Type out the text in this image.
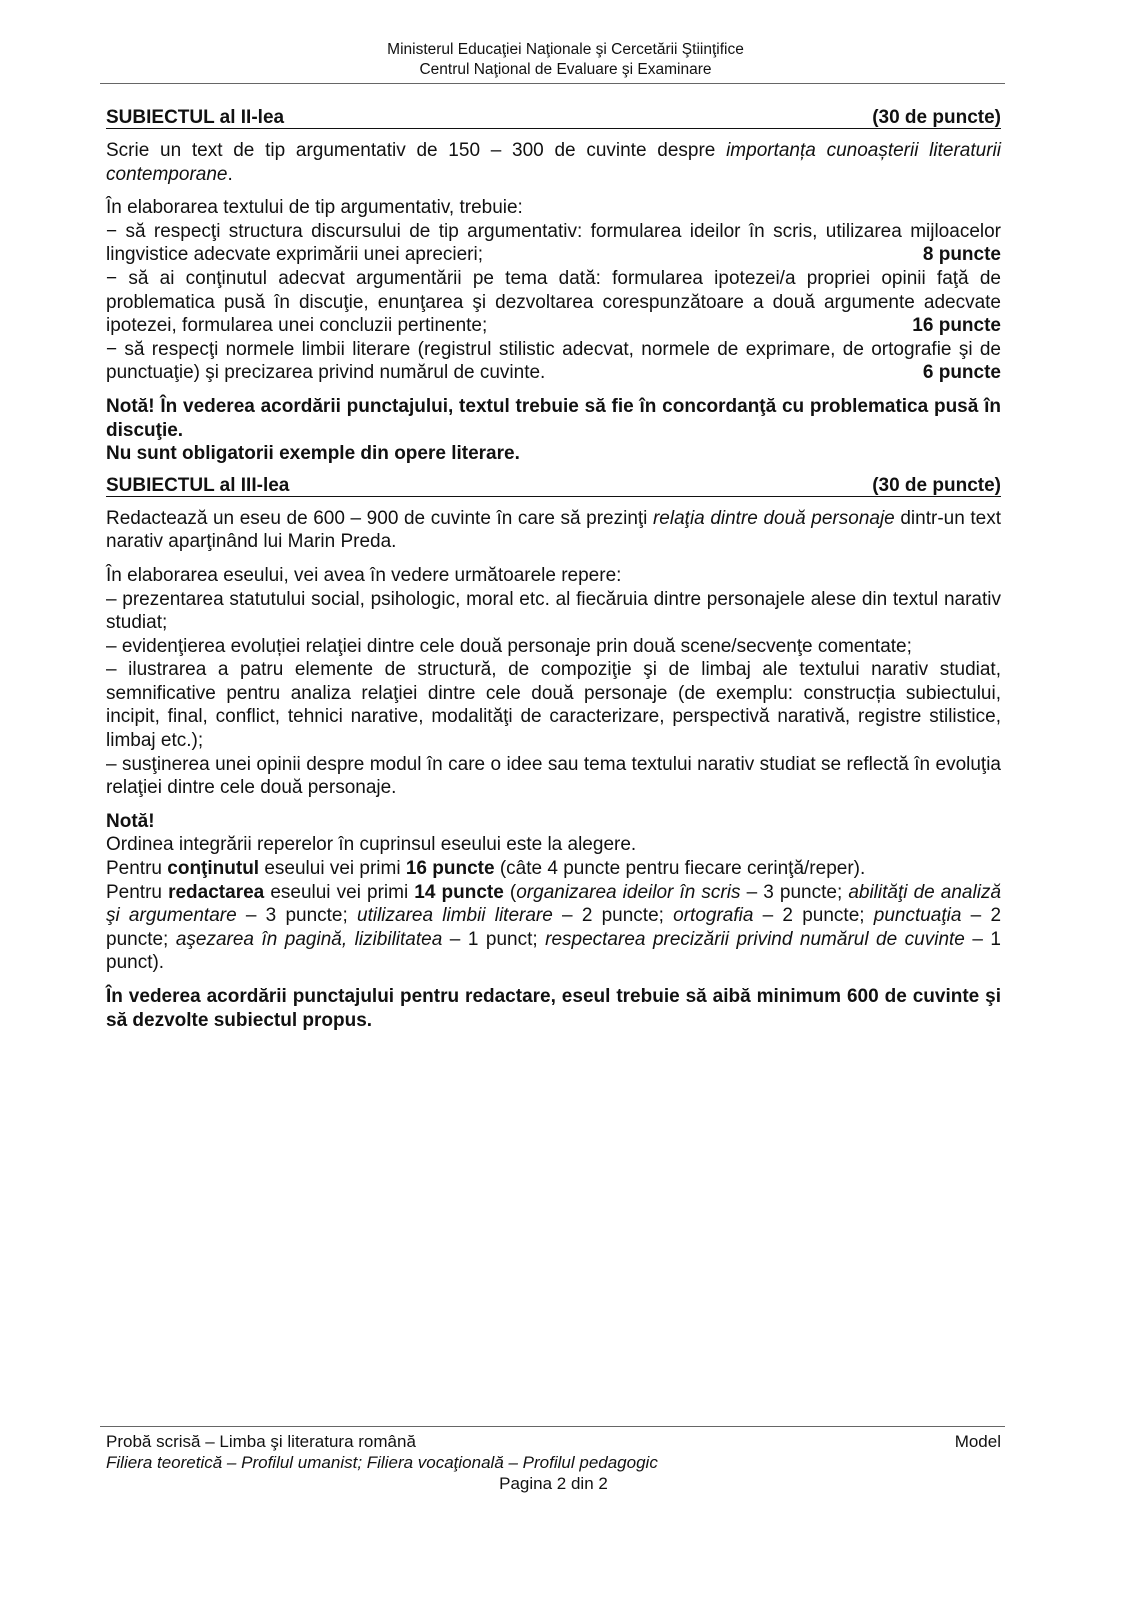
Ministerul Educaţiei Naţionale şi Cercetării Ştiinţifice
Centrul Naţional de Evaluare şi Examinare
SUBIECTUL al II-lea	(30 de puncte)

Scrie un text de tip argumentativ de 150 – 300 de cuvinte despre importanța cunoașterii literaturii contemporane.

În elaborarea textului de tip argumentativ, trebuie:
− să respecţi structura discursului de tip argumentativ: formularea ideilor în scris, utilizarea mijloacelor lingvistice adecvate exprimării unei aprecieri;	8 puncte
− să ai conţinutul adecvat argumentării pe tema dată: formularea ipotezei/a propriei opinii faţă de problematica pusă în discuţie, enunţarea şi dezvoltarea corespunzătoare a două argumente adecvate ipotezei, formularea unei concluzii pertinente;	16 puncte
− să respecţi normele limbii literare (registrul stilistic adecvat, normele de exprimare, de ortografie şi de punctuaţie) şi precizarea privind numărul de cuvinte.	6 puncte

Notă! În vederea acordării punctajului, textul trebuie să fie în concordanţă cu problematica pusă în discuţie.
Nu sunt obligatorii exemple din opere literare.

SUBIECTUL al III-lea	(30 de puncte)

Redactează un eseu de 600 – 900 de cuvinte în care să prezinţi relaţia dintre două personaje dintr-un text narativ aparţinând lui Marin Preda.

În elaborarea eseului, vei avea în vedere următoarele repere:
– prezentarea statutului social, psihologic, moral etc. al fiecăruia dintre personajele alese din textul narativ studiat;
– evidenţierea evoluției relaţiei dintre cele două personaje prin două scene/secvenţe comentate;
– ilustrarea a patru elemente de structură, de compoziţie şi de limbaj ale textului narativ studiat, semnificative pentru analiza relaţiei dintre cele două personaje (de exemplu: construcția subiectului, incipit, final, conflict, tehnici narative, modalităţi de caracterizare, perspectivă narativă, registre stilistice, limbaj etc.);
– susţinerea unei opinii despre modul în care o idee sau tema textului narativ studiat se reflectă în evoluţia relaţiei dintre cele două personaje.

Notă!
Ordinea integrării reperelor în cuprinsul eseului este la alegere.
Pentru conţinutul eseului vei primi 16 puncte (câte 4 puncte pentru fiecare cerinţă/reper).
Pentru redactarea eseului vei primi 14 puncte (organizarea ideilor în scris – 3 puncte; abilităţi de analiză şi argumentare – 3 puncte; utilizarea limbii literare – 2 puncte; ortografia – 2 puncte; punctuaţia – 2 puncte; aşezarea în pagină, lizibilitatea – 1 punct; respectarea precizării privind numărul de cuvinte – 1 punct).

În vederea acordării punctajului pentru redactare, eseul trebuie să aibă minimum 600 de cuvinte şi să dezvolte subiectul propus.

Probă scrisă – Limba şi literatura română	Model
Filiera teoretică – Profilul umanist; Filiera vocaţională – Profilul pedagogic
Pagina 2 din 2
